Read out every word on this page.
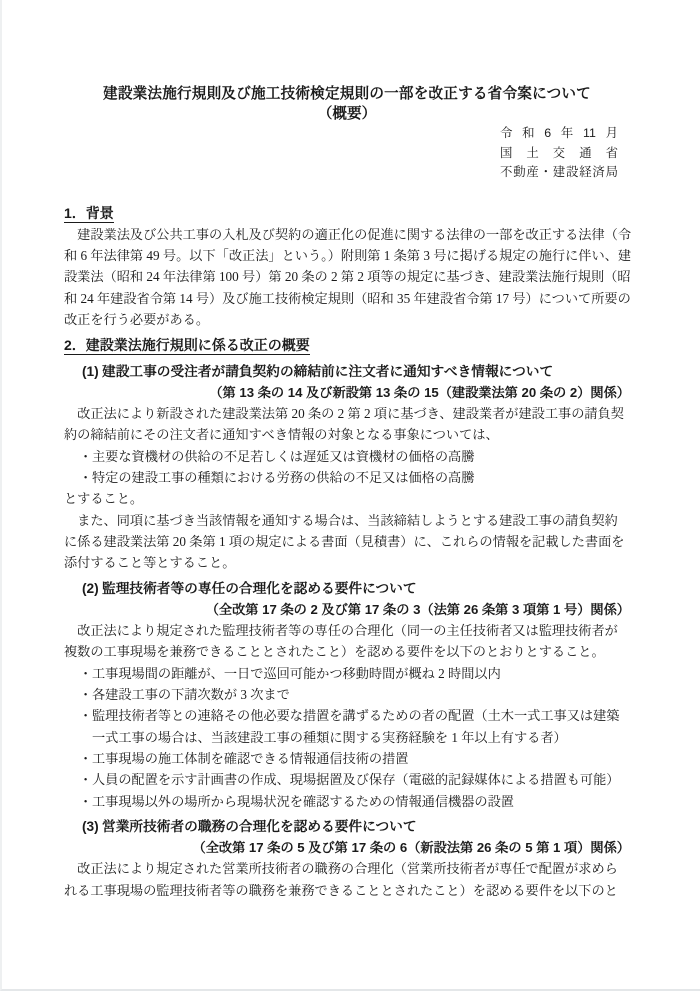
建設業法施行規則及び施工技術検定規則の一部を改正する省令案について
（概要）
令和6年11月
国土交通省
不動産・建設経済局
1．背景
　建設業法及び公共工事の入札及び契約の適正化の促進に関する法律の一部を改正する法律（令
和 6 年法律第 49 号。以下「改正法」という。）附則第 1 条第 3 号に掲げる規定の施行に伴い、建
設業法（昭和 24 年法律第 100 号）第 20 条の 2 第 2 項等の規定に基づき、建設業法施行規則（昭
和 24 年建設省令第 14 号）及び施工技術検定規則（昭和 35 年建設省令第 17 号）について所要の
改正を行う必要がある。
2．建設業法施行規則に係る改正の概要
(1) 建設工事の受注者が請負契約の締結前に注文者に通知すべき情報について
（第 13 条の 14 及び新設第 13 条の 15（建設業法第 20 条の 2）関係）
　改正法により新設された建設業法第 20 条の 2 第 2 項に基づき、建設業者が建設工事の請負契
約の締結前にその注文者に通知すべき情報の対象となる事象については、
・ 主要な資機材の供給の不足若しくは遅延又は資機材の価格の高騰
・ 特定の建設工事の種類における労務の供給の不足又は価格の高騰
とすること。
　また、同項に基づき当該情報を通知する場合は、当該締結しようとする建設工事の請負契約
に係る建設業法第 20 条第 1 項の規定による書面（見積書）に、これらの情報を記載した書面を
添付すること等とすること。
(2) 監理技術者等の専任の合理化を認める要件について
（全改第 17 条の 2 及び第 17 条の 3（法第 26 条第 3 項第 1 号）関係）
　改正法により規定された監理技術者等の専任の合理化（同一の主任技術者又は監理技術者が
複数の工事現場を兼務できることとされたこと）を認める要件を以下のとおりとすること。
・ 工事現場間の距離が、一日で巡回可能かつ移動時間が概ね 2 時間以内
・ 各建設工事の下請次数が 3 次まで
・ 監理技術者等との連絡その他必要な措置を講ずるための者の配置（土木一式工事又は建築
一式工事の場合は、当該建設工事の種類に関する実務経験を 1 年以上有する者）
・ 工事現場の施工体制を確認できる情報通信技術の措置
・ 人員の配置を示す計画書の作成、現場据置及び保存（電磁的記録媒体による措置も可能）
・ 工事現場以外の場所から現場状況を確認するための情報通信機器の設置
(3) 営業所技術者の職務の合理化を認める要件について
（全改第 17 条の 5 及び第 17 条の 6（新設法第 26 条の 5 第 1 項）関係）
　改正法により規定された営業所技術者の職務の合理化（営業所技術者が専任で配置が求めら
れる工事現場の監理技術者等の職務を兼務できることとされたこと）を認める要件を以下のと
